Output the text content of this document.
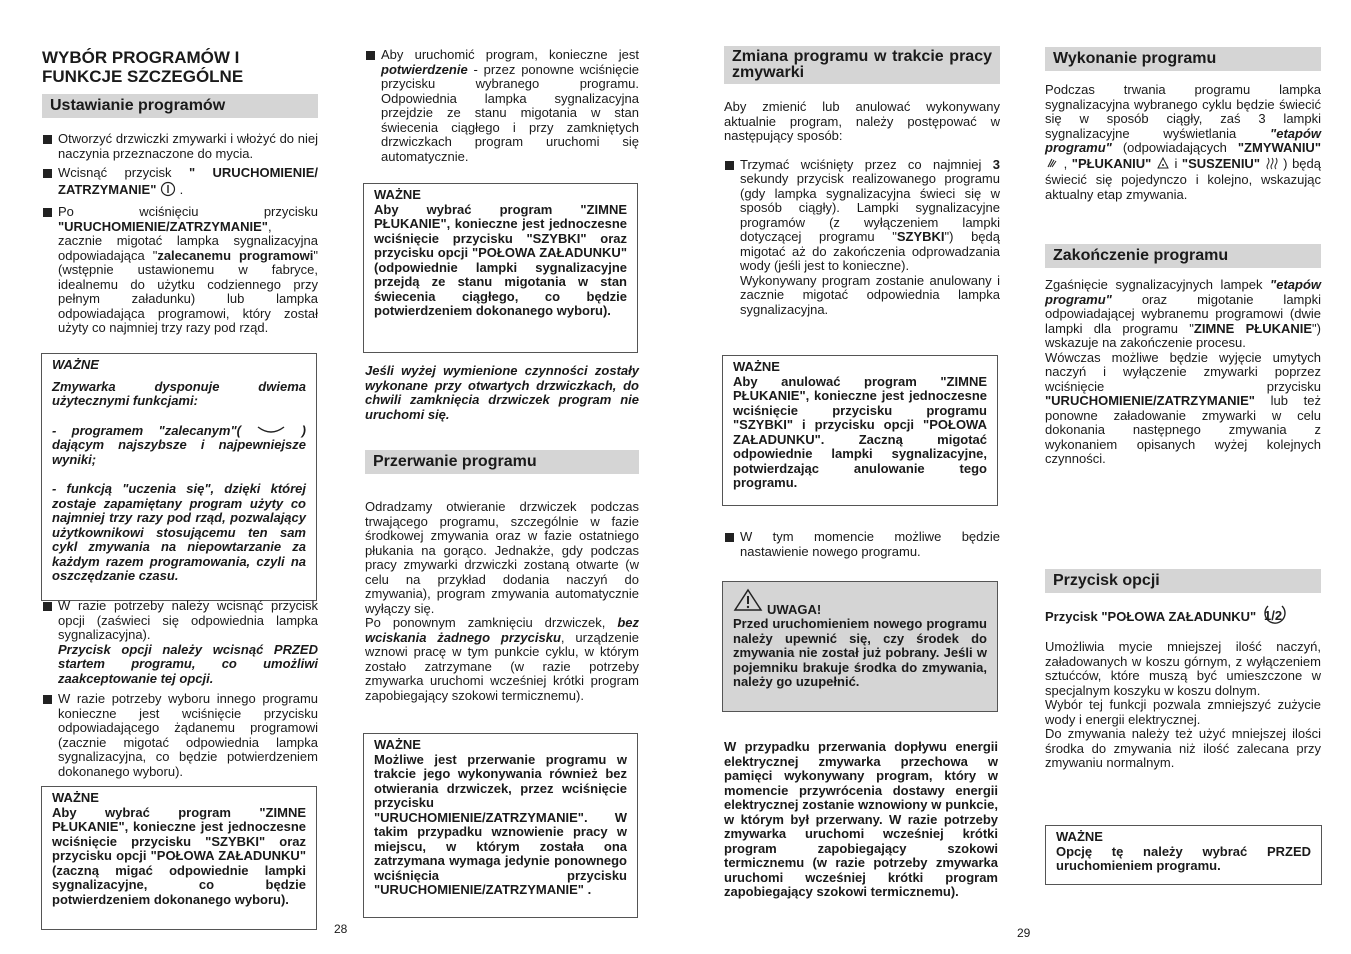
WYBÓR PROGRAMÓW I
FUNKCJE SZCZEGÓLNE
Ustawianie programów

Otworzyć drzwiczki zmywarki i włożyć do niej naczynia przeznaczone do mycia.

Wcisnąć przycisk " URUCHOMIENIE/ ZATRZYMANIE"  .

Po wciśnięciu przycisku "URUCHOMIENIE/ZATRZYMANIE", zacznie migotać lampka sygnalizacyjna odpowiadająca "zalecanemu programowi" (wstępnie ustawionemu w fabryce, idealnemu do użytku codziennego przy pełnym załadunku) lub lampka odpowiadająca programowi, który został użyty co najmniej trzy razy pod rząd.

WAŻNE
Zmywarka dysponuje dwiema użytecznymi funkcjami:
- programem "zalecanym"(	) dającym najszybsze i najpewniejsze wyniki;
- funkcją "uczenia się", dzięki której zostaje zapamiętany program użyty co najmniej trzy razy pod rząd, pozwalający użytkownikowi stosującemu ten sam cykl zmywania na niepowtarzanie za każdym razem programowania, czyli na oszczędzanie czasu.

W razie potrzeby należy wcisnąć przycisk opcji (zaświeci się odpowiednia lampka sygnalizacyjna).
Przycisk opcji należy wcisnąć PRZED startem programu, co umożliwi zaakceptowanie tej opcji.

W razie potrzeby wyboru innego programu konieczne jest wciśnięcie przycisku odpowiadającego żądanemu programowi (zacznie migotać odpowiednia lampka sygnalizacyjna, co będzie potwierdzeniem dokonanego wyboru).

WAŻNE
Aby wybrać program "ZIMNE PŁUKANIE", konieczne jest jednoczesne wciśnięcie przycisku "SZYBKI" oraz przycisku opcji "POŁOWA ZAŁADUNKU" (zaczną migać odpowiednie lampki sygnalizacyjne, co będzie potwierdzeniem dokonanego wyboru).
28

Aby uruchomić program, konieczne jest potwierdzenie - przez ponowne wciśnięcie przycisku wybranego programu. Odpowiednia lampka sygnalizacyjna przejdzie ze stanu migotania w stan świecenia ciągłego i przy zamkniętych drzwiczkach program uruchomi się automatycznie.

WAŻNE
Aby wybrać program "ZIMNE PŁUKANIE", konieczne jest jednoczesne wciśnięcie przycisku "SZYBKI" oraz przycisku opcji "POŁOWA ZAŁADUNKU" (odpowiednie lampki sygnalizacyjne przejdą ze stanu migotania w stan świecenia ciągłego, co będzie potwierdzeniem dokonanego wyboru).

Jeśli wyżej wymienione czynności zostały wykonane przy otwartych drzwiczkach, do chwili zamknięcia drzwiczek program nie uruchomi się.

Przerwanie programu

Odradzamy otwieranie drzwiczek podczas trwającego programu, szczególnie w fazie środkowej zmywania oraz w fazie ostatniego płukania na gorąco. Jednakże, gdy podczas pracy zmywarki drzwiczki zostaną otwarte (w celu na przykład dodania naczyń do zmywania), program zmywania automatycznie wyłączy się.

Po ponownym zamknięciu drzwiczek, bez wciskania żadnego przycisku, urządzenie wznowi pracę w tym punkcie cyklu, w którym zostało zatrzymane (w razie potrzeby zmywarka uruchomi wcześniej krótki program zapobiegający szokowi termicznemu).

WAŻNE
Możliwe jest przerwanie programu w trakcie jego wykonywania również bez otwierania drzwiczek, przez wciśnięcie przycisku "URUCHOMIENIE/ZATRZYMANIE". W takim przypadku wznowienie pracy w miejscu, w którym została ona zatrzymana wymaga jedynie ponownego wciśnięcia przycisku "URUCHOMIENIE/ZATRZYMANIE" .
Zmiana programu w trakcie pracy zmywarki

Aby zmienić lub anulować wykonywany aktualnie program, należy postępować w następujący sposób:

Trzymać wciśnięty przez co najmniej 3 sekundy przycisk realizowanego programu (gdy lampka sygnalizacyjna świeci się w sposób ciągły). Lampki sygnalizacyjne programów (z wyłączeniem lampki dotyczącej programu "SZYBKI") będą migotać aż do zakończenia odprowadzania wody (jeśli jest to konieczne).
Wykonywany program zostanie anulowany i zacznie migotać odpowiednia lampka sygnalizacyjna.

WAŻNE
Aby anulować program "ZIMNE PŁUKANIE", konieczne jest jednoczesne wciśnięcie przycisku programu "SZYBKI" i przycisku opcji "POŁOWA ZAŁADUNKU". Zaczną migotać odpowiednie lampki sygnalizacyjne, potwierdzając anulowanie tego programu.

W tym momencie możliwe będzie nastawienie nowego programu.

UWAGA!

Przed uruchomieniem nowego programu należy upewnić się, czy środek do zmywania nie został już pobrany. Jeśli w pojemniku brakuje środka do zmywania, należy go uzupełnić.

W przypadku przerwania dopływu energii elektrycznej zmywarka przechowa w pamięci wykonywany program, który w momencie przywrócenia dostawy energii elektrycznej zostanie wznowiony w punkcie, w którym był przerwany. W razie potrzeby zmywarka uruchomi wcześniej krótki program zapobiegający szokowi termicznemu (w razie potrzeby zmywarka uruchomi wcześniej krótki program zapobiegający szokowi termicznemu).

Wykonanie programu

Podczas trwania programu lampka sygnalizacyjna wybranego cyklu będzie świecić się w sposób ciągły, zaś 3 lampki sygnalizacyjne wyświetlania "etapów programu" (odpowiadających "ZMYWANIU"  , "PŁUKANIU"  i "SUSZENIU"  ) będą świecić się pojedynczo i kolejno, wskazując aktualny etap zmywania.

Zakończenie programu

Zgaśnięcie sygnalizacyjnych lampek "etapów programu" oraz migotanie lampki odpowiadającej wybranemu programowi (dwie lampki dla programu "ZIMNE PŁUKANIE") wskazuje na zakończenie procesu.
Wówczas możliwe będzie wyjęcie umytych naczyń i wyłączenie zmywarki poprzez wciśnięcie przycisku "URUCHOMIENIE/ZATRZYMANIE" lub też ponowne załadowanie zmywarki w celu dokonania następnego zmywania z wykonaniem opisanych wyżej kolejnych czynności.

Przycisk opcji
Przycisk "POŁOWA ZAŁADUNKU" 1/2

Umożliwia mycie mniejszej ilość naczyń, załadowanych w koszu górnym, z wyłączeniem sztućców, które muszą być umieszczone w specjalnym koszyku w koszu dolnym.

Wybór tej funkcji pozwala zmniejszyć zużycie wody i energii elektrycznej.

Do zmywania należy też użyć mniejszej ilości środka do zmywania niż ilość zalecana przy zmywaniu normalnym.

WAŻNE
Opcję tę należy wybrać PRZED uruchomieniem programu.
29
